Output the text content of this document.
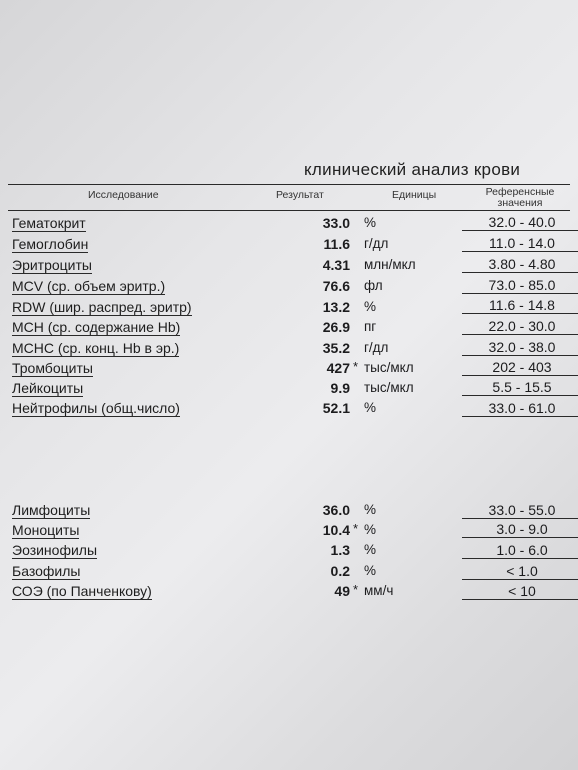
клинический анализ крови
Исследование	Результат	Единицы	Референсные
значения
Гематокрит	33.0 %	32.0 - 40.0
Гемоглобин	11.6 г/дл	11.0 - 14.0
Эритроциты	4.31 млн/мкл	3.80 - 4.80
MCV (ср. объем эритр.)	76.6 фл	73.0 - 85.0
RDW (шир. распред. эритр)	13.2 %	11.6 - 14.8
MCH (ср. содержание Hb)	26.9 пг	22.0 - 30.0
MCHC (ср. конц. Hb в эр.)	35.2 г/дл	32.0 - 38.0
Тромбоциты	427 * тыс/мкл	202 - 403
Лейкоциты	9.9 тыс/мкл	5.5 - 15.5
Нейтрофилы (общ.число)	52.1 %	33.0 - 61.0
Лимфоциты	36.0 %	33.0 - 55.0
Моноциты	10.4 * %	3.0 - 9.0
Эозинофилы	1.3 %	1.0 - 6.0
Базофилы	0.2 %	< 1.0
СОЭ (по Панченкову)	49 * мм/ч	< 10
